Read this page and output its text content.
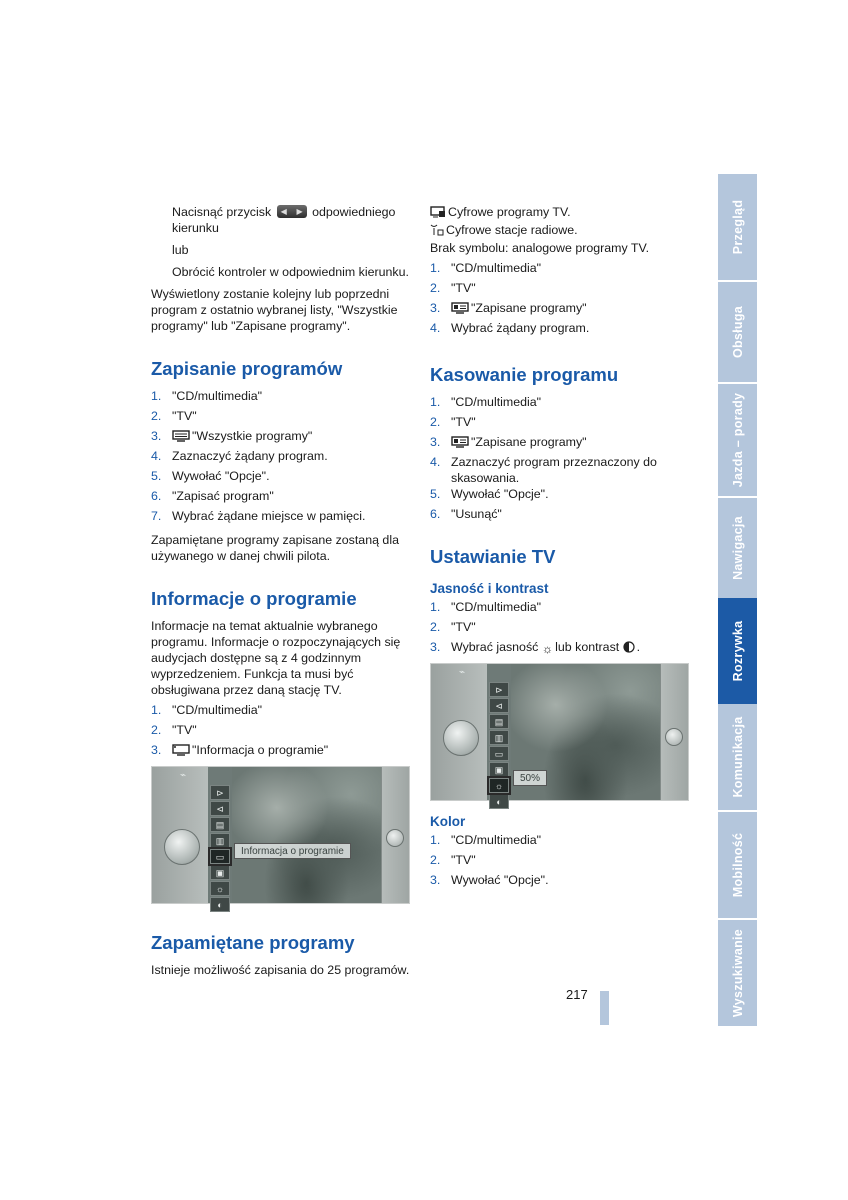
Nacisnąć przycisk ◀ ▶ odpowiedniego kierunku

lub

Obrócić kontroler w odpowiednim kierunku.

Wyświetlony zostanie kolejny lub poprzedni program z ostatnio wybranej listy, "Wszystkie programy" lub "Zapisane programy".

Zapisanie programów
1. "CD/multimedia"
2. "TV"
3. "Wszystkie programy"
4. Zaznaczyć żądany program.
5. Wywołać "Opcje".
6. "Zapisać program"
7. Wybrać żądane miejsce w pamięci.

Zapamiętane programy zapisane zostaną dla używanego w danej chwili pilota.

Informacje o programie

Informacje na temat aktualnie wybranego programu. Informacje o rozpoczynających się audycjach dostępne są z 4 godzinnym wyprzedzeniem. Funkcja ta musi być obsługiwana przez daną stację TV.

1. "CD/multimedia"
2. "TV"
3. "Informacja o programie"
⌁
⊳
⊲
▤
▥
▭
▣
☼
◐
Informacja o programie
Zapamiętane programy

Istnieje możliwość zapisania do 25 programów.

Cyfrowe programy TV.

Cyfrowe stacje radiowe.

Brak symbolu: analogowe programy TV.

1. "CD/multimedia"
2. "TV"
3. "Zapisane programy"
4. Wybrać żądany program.
Kasowanie programu
1. "CD/multimedia"
2. "TV"
3. "Zapisane programy"
4. Zaznaczyć program przeznaczony do skasowania.
5. Wywołać "Opcje".
6. "Usunąć"
Ustawianie TV
Jasność i kontrast
1. "CD/multimedia"
2. "TV"
3. Wybrać jasność ☼ lub kontrast .
⌁
⊳
⊲
▤
▥
▭
▣
☼
◐
50%
Kolor
1. "CD/multimedia"
2. "TV"
3. Wywołać "Opcje".
Przegląd
Obsługa
Jazda – porady
Nawigacja
Rozrywka
Komunikacja
Mobilność
Wyszukiwanie
217
